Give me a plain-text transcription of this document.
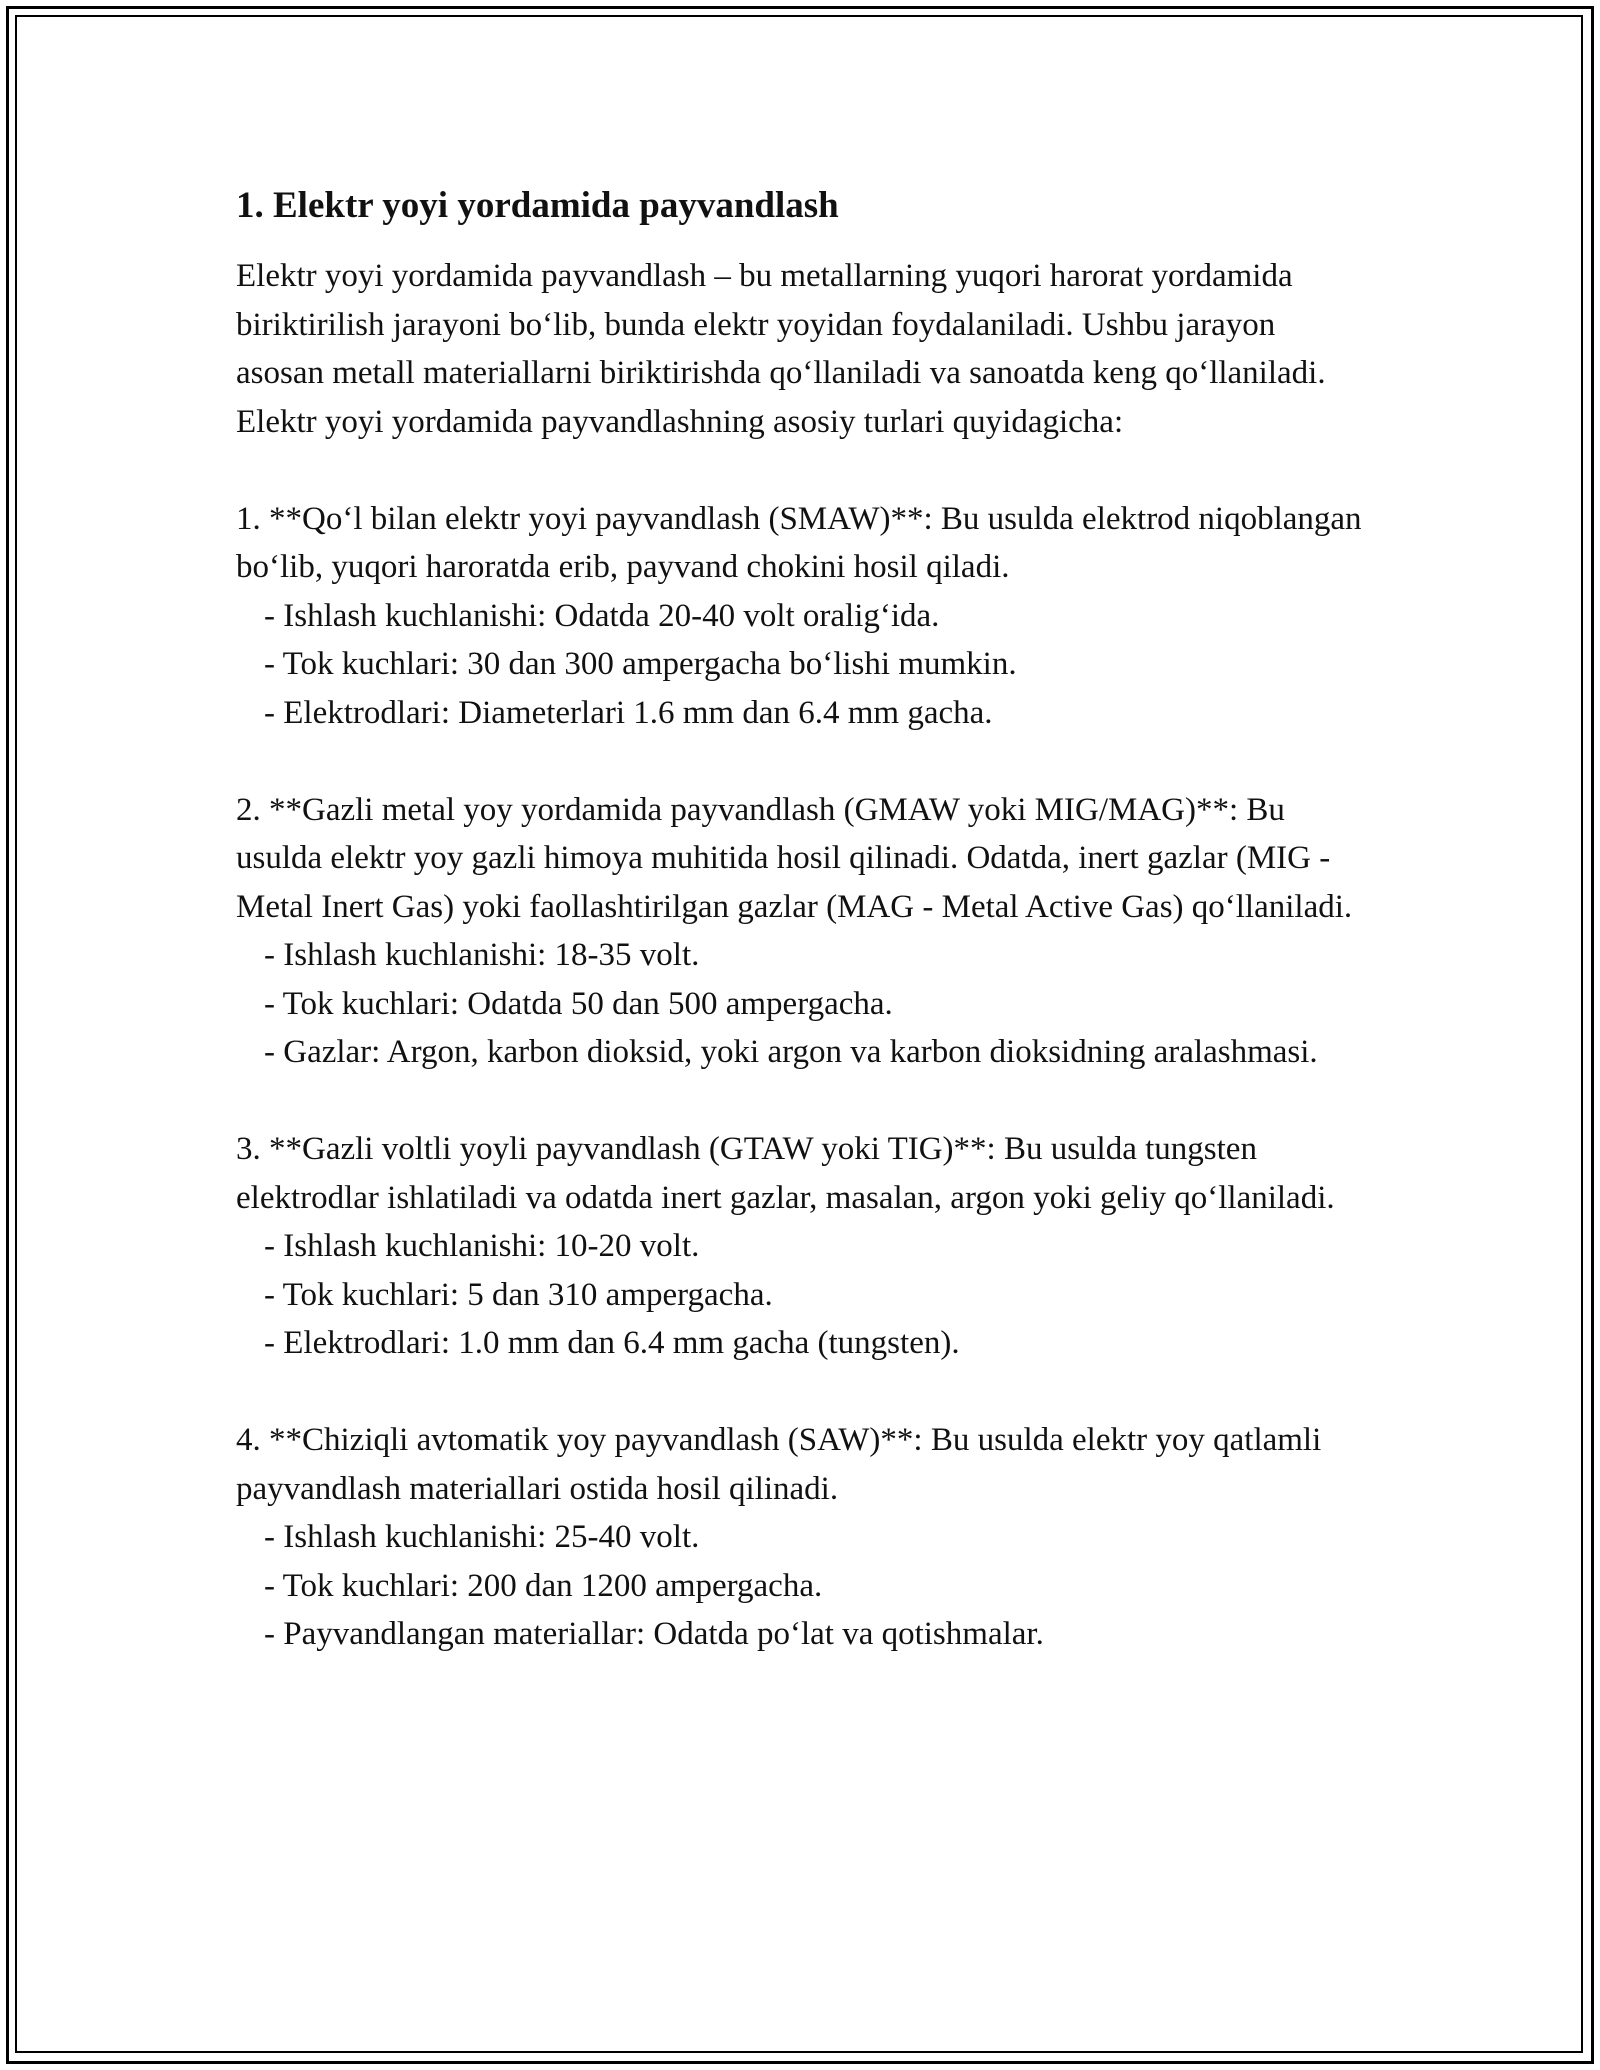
1. Elektr yoyi yordamida payvandlash

Elektr yoyi yordamida payvandlash – bu metallarning yuqori harorat yordamida biriktirilish jarayoni bo‘lib, bunda elektr yoyidan foydalaniladi. Ushbu jarayon asosan metall materiallarni biriktirishda qo‘llaniladi va sanoatda keng qo‘llaniladi. Elektr yoyi yordamida payvandlashning asosiy turlari quyidagicha:

1. **Qo‘l bilan elektr yoyi payvandlash (SMAW)**: Bu usulda elektrod niqoblangan bo‘lib, yuqori haroratda erib, payvand chokini hosil qiladi.
- Ishlash kuchlanishi: Odatda 20-40 volt oralig‘ida.
- Tok kuchlari: 30 dan 300 ampergacha bo‘lishi mumkin.
- Elektrodlari: Diameterlari 1.6 mm dan 6.4 mm gacha.
2. **Gazli metal yoy yordamida payvandlash (GMAW yoki MIG/MAG)**: Bu usulda elektr yoy gazli himoya muhitida hosil qilinadi. Odatda, inert gazlar (MIG - Metal Inert Gas) yoki faollashtirilgan gazlar (MAG - Metal Active Gas) qo‘llaniladi.
- Ishlash kuchlanishi: 18-35 volt.
- Tok kuchlari: Odatda 50 dan 500 ampergacha.
- Gazlar: Argon, karbon dioksid, yoki argon va karbon dioksidning aralashmasi.
3. **Gazli voltli yoyli payvandlash (GTAW yoki TIG)**: Bu usulda tungsten elektrodlar ishlatiladi va odatda inert gazlar, masalan, argon yoki geliy qo‘llaniladi.
- Ishlash kuchlanishi: 10-20 volt.
- Tok kuchlari: 5 dan 310 ampergacha.
- Elektrodlari: 1.0 mm dan 6.4 mm gacha (tungsten).
4. **Chiziqli avtomatik yoy payvandlash (SAW)**: Bu usulda elektr yoy qatlamli payvandlash materiallari ostida hosil qilinadi.
- Ishlash kuchlanishi: 25-40 volt.
- Tok kuchlari: 200 dan 1200 ampergacha.
- Payvandlangan materiallar: Odatda po‘lat va qotishmalar.
